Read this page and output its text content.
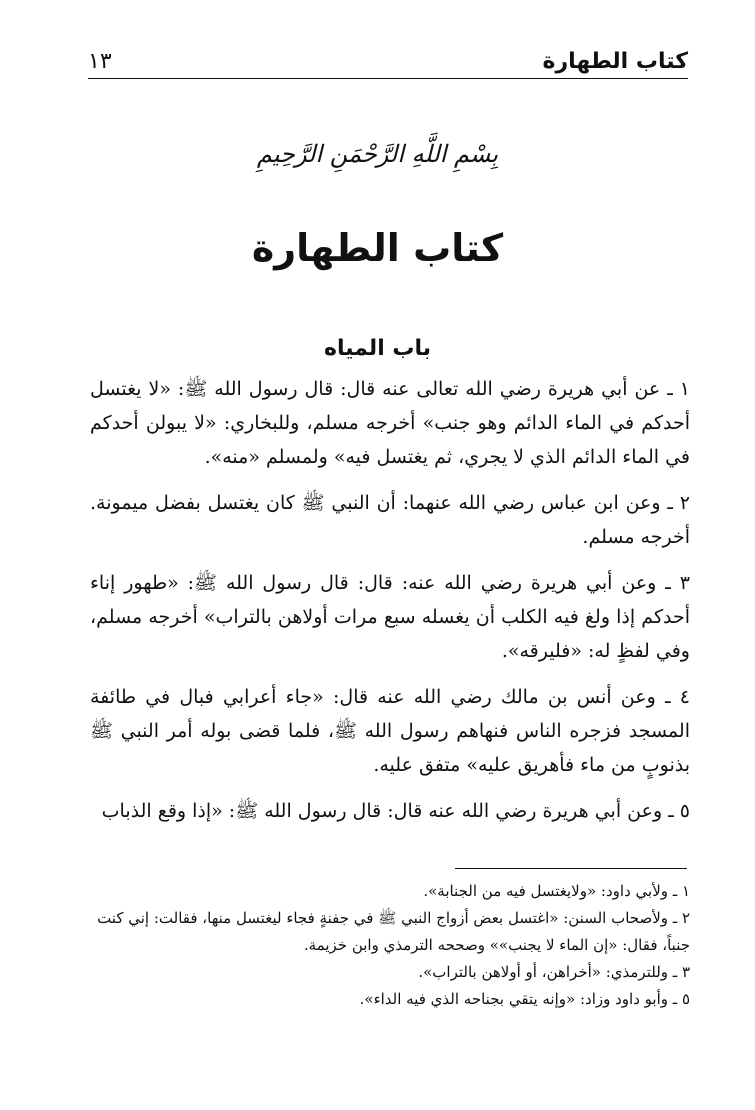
كتاب الطهارة
١٣
بِسْمِ اللَّهِ الرَّحْمَنِ الرَّحِيمِ
كتاب الطهارة
باب المياه

١ ـ عن أبي هريرة رضي الله تعالى عنه قال: قال رسول الله ﷺ: «لا يغتسل أحدكم في الماء الدائم وهو جنب» أخرجه مسلم، وللبخاري: «لا يبولن أحدكم في الماء الدائم الذي لا يجري، ثم يغتسل فيه» ولمسلم «منه».

٢ ـ وعن ابن عباس رضي الله عنهما: أن النبي ﷺ كان يغتسل بفضل ميمونة. أخرجه مسلم.

٣ ـ وعن أبي هريرة رضي الله عنه: قال: قال رسول الله ﷺ: «طهور إناء أحدكم إذا ولغ فيه الكلب أن يغسله سبع مرات أولاهن بالتراب» أخرجه مسلم، وفي لفظٍ له: «فليرقه».

٤ ـ وعن أنس بن مالك رضي الله عنه قال: «جاء أعرابي فبال في طائفة المسجد فزجره الناس فنهاهم رسول الله ﷺ، فلما قضى بوله أمر النبي ﷺ بذنوبٍ من ماء فأهريق عليه» متفق عليه.

٥ ـ وعن أبي هريرة رضي الله عنه قال: قال رسول الله ﷺ: «إذا وقع الذباب

١ ـ ولأبي داود: «ولايغتسل فيه من الجنابة».

٢ ـ ولأصحاب السنن: «اغتسل بعض أزواج النبي ﷺ في جفنةٍ فجاء ليغتسل منها، فقالت: إني كنت جنباً، فقال: «إن الماء لا يجنب»» وصححه الترمذي وابن خزيمة.

٣ ـ وللترمذي: «أخراهن، أو أولاهن بالتراب».

٥ ـ وأبو داود وزاد: «وإنه يتقي بجناحه الذي فيه الداء».
